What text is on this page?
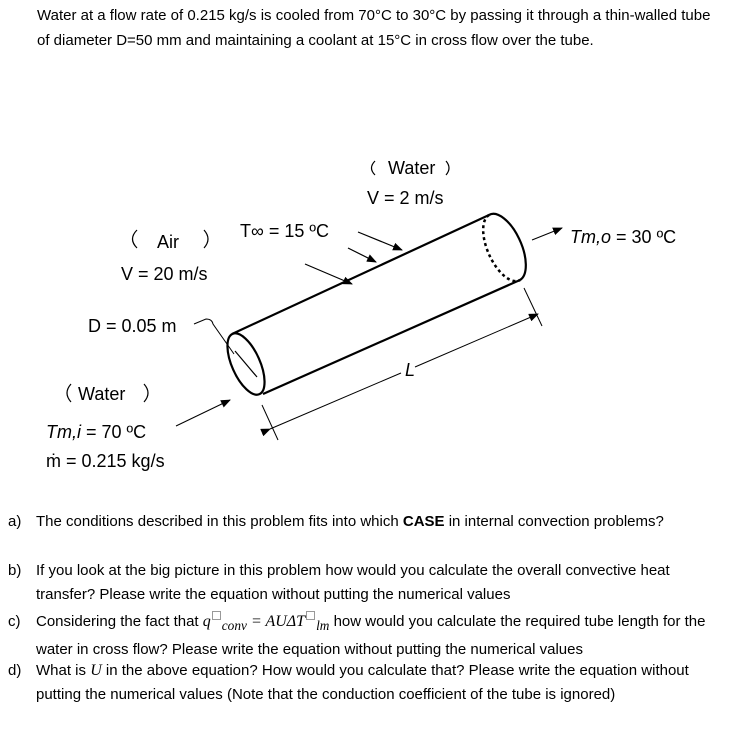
Water at a flow rate of 0.215 kg/s is cooled from 70°C to 30°C by passing it through a thin-walled tube of diameter D=50 mm and maintaining a coolant at 15°C in cross flow over the tube.
Water
V = 2 m/s
T∞ = 15 ºC	Tm,o = 30 ºC
Air
V = 20 m/s
D = 0.05 m
L
Water
Tm,i = 70 ºC
ṁ = 0.215 kg/s
a) The conditions described in this problem fits into which CASE in internal convection problems?
b) If you look at the big picture in this problem how would you calculate the overall convective heat transfer? Please write the equation without putting the numerical values
c) Considering the fact that q $_{conv}$ = AUΔT $_{lm}$ how would you calculate the required tube length for the water in cross flow? Please write the equation without putting the numerical values
d) What is U in the above equation? How would you calculate that? Please write the equation without putting the numerical values (Note that the conduction coefficient of the tube is ignored)
